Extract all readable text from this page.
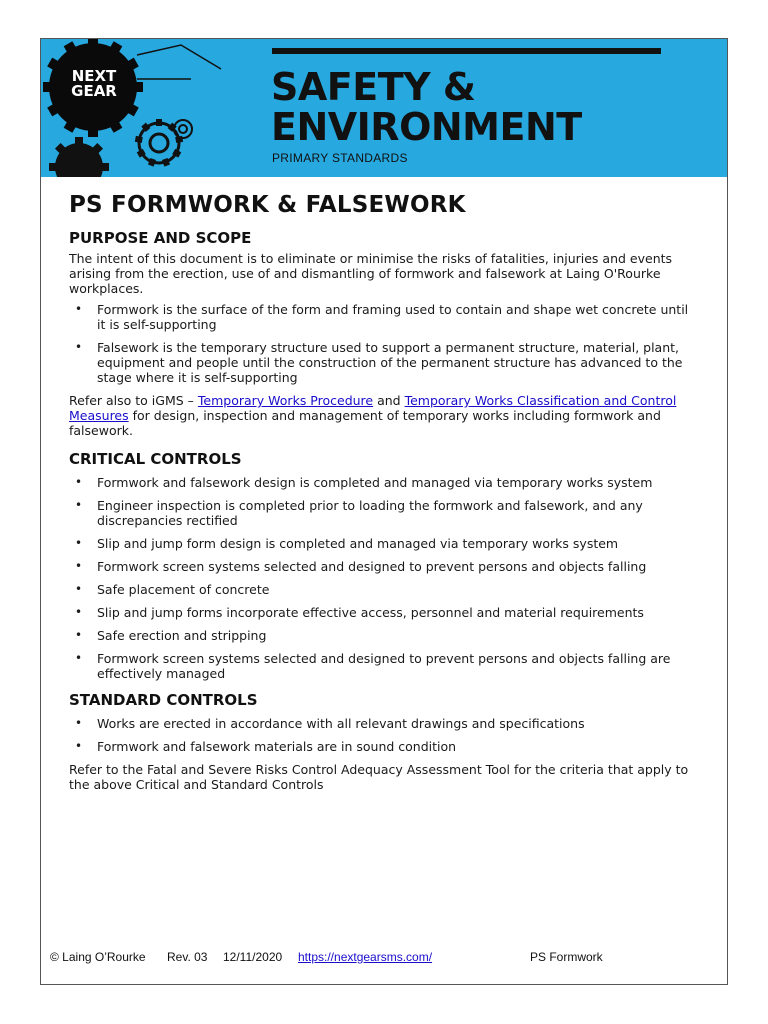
NEXT
GEAR	SAFETY &
ENVIRONMENT
PRIMARY STANDARDS
PS FORMWORK & FALSEWORK
PURPOSE AND SCOPE

The intent of this document is to eliminate or minimise the risks of fatalities, injuries and events arising from the erection, use of and dismantling of formwork and falsework at Laing O'Rourke workplaces.

• Formwork is the surface of the form and framing used to contain and shape wet concrete until it is self-supporting
• Falsework is the temporary structure used to support a permanent structure, material, plant, equipment and people until the construction of the permanent structure has advanced to the stage where it is self-supporting

Refer also to iGMS – Temporary Works Procedure and Temporary Works Classification and Control Measures for design, inspection and management of temporary works including formwork and falsework.

CRITICAL CONTROLS
• Formwork and falsework design is completed and managed via temporary works system
• Engineer inspection is completed prior to loading the formwork and falsework, and any discrepancies rectified
• Slip and jump form design is completed and managed via temporary works system
• Formwork screen systems selected and designed to prevent persons and objects falling
• Safe placement of concrete
• Slip and jump forms incorporate effective access, personnel and material requirements
• Safe erection and stripping
• Formwork screen systems selected and designed to prevent persons and objects falling are effectively managed
STANDARD CONTROLS
• Works are erected in accordance with all relevant drawings and specifications
• Formwork and falsework materials are in sound condition

Refer to the Fatal and Severe Risks Control Adequacy Assessment Tool for the criteria that apply to the above Critical and Standard Controls

© Laing O’Rourke Rev. 03 12/11/2020 https://nextgearsms.com/	PS Formwork
